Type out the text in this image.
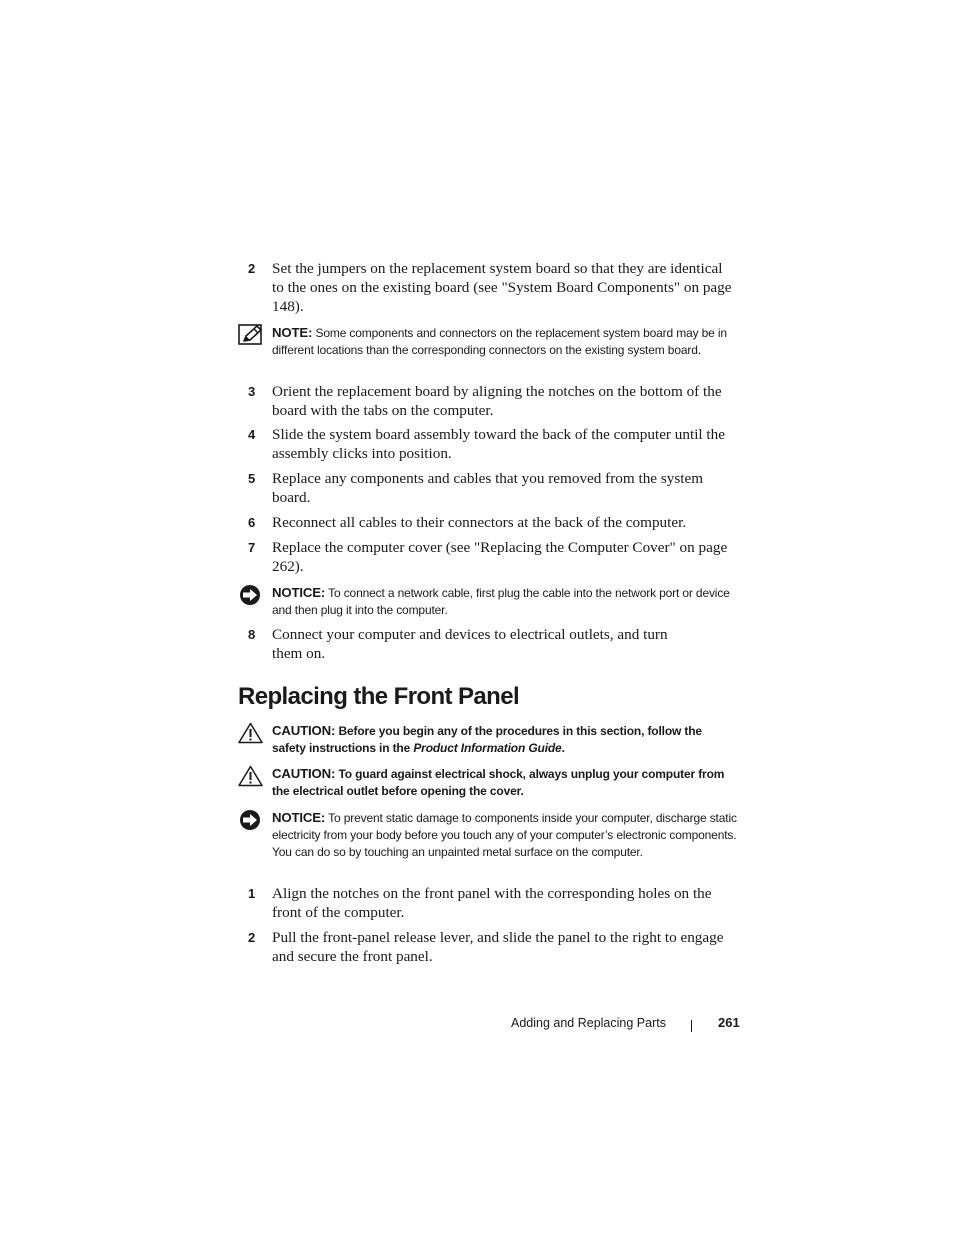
2 Set the jumpers on the replacement system board so that they are identical to the ones on the existing board (see "System Board Components" on page 148).
NOTE: Some components and connectors on the replacement system board may be in different locations than the corresponding connectors on the existing system board.
3 Orient the replacement board by aligning the notches on the bottom of the board with the tabs on the computer.
4 Slide the system board assembly toward the back of the computer until the assembly clicks into position.
5 Replace any components and cables that you removed from the system board.
6 Reconnect all cables to their connectors at the back of the computer.
7 Replace the computer cover (see "Replacing the Computer Cover" on page 262).
NOTICE: To connect a network cable, first plug the cable into the network port or device and then plug it into the computer.
8 Connect your computer and devices to electrical outlets, and turn them on.
Replacing the Front Panel
CAUTION: Before you begin any of the procedures in this section, follow the safety instructions in the Product Information Guide.
CAUTION: To guard against electrical shock, always unplug your computer from the electrical outlet before opening the cover.
NOTICE: To prevent static damage to components inside your computer, discharge static electricity from your body before you touch any of your computer’s electronic components. You can do so by touching an unpainted metal surface on the computer.
1 Align the notches on the front panel with the corresponding holes on the front of the computer.
2 Pull the front-panel release lever, and slide the panel to the right to engage and secure the front panel.
Adding and Replacing Parts	261
